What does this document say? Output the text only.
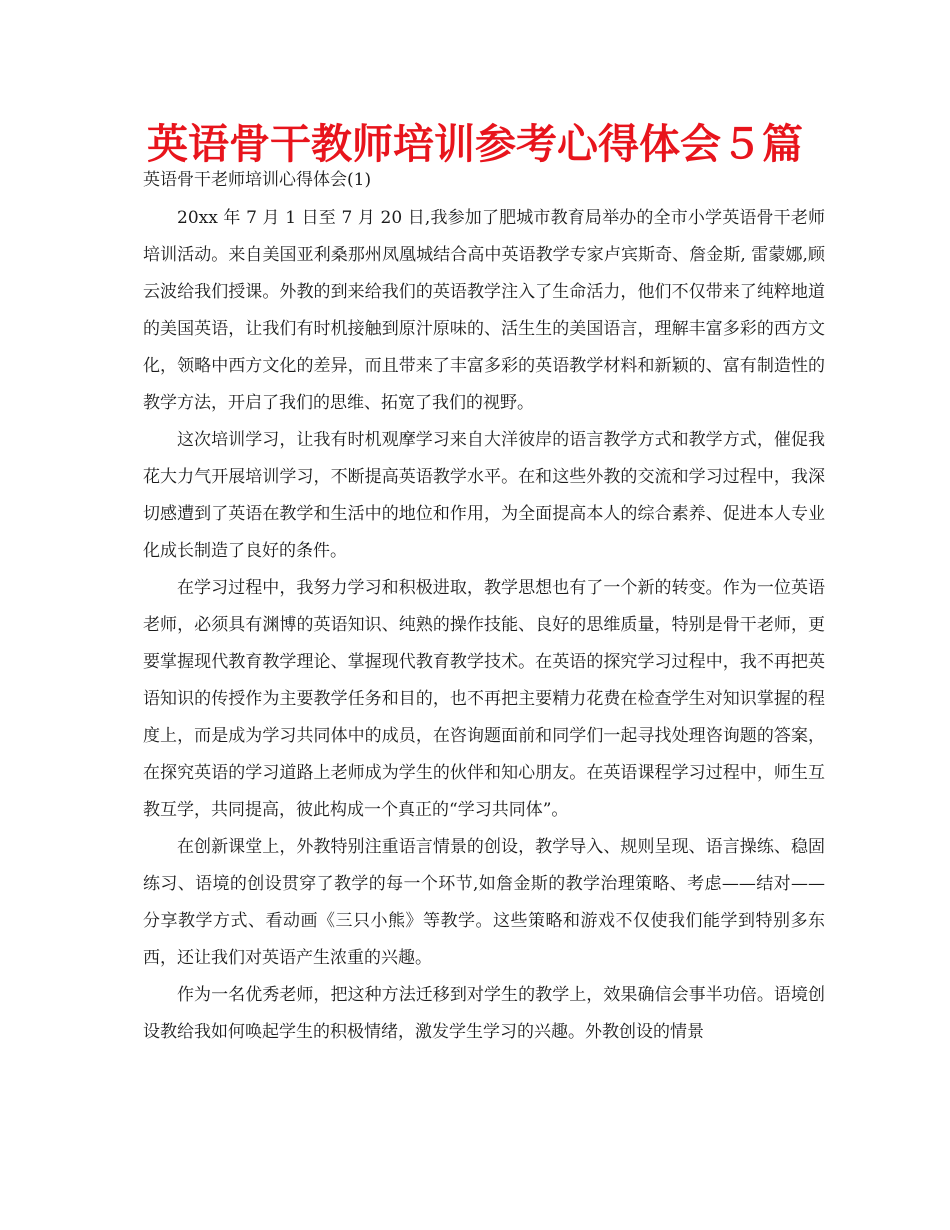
英语骨干教师培训参考心得体会５篇

英语骨干老师培训心得体会(1)

20xx 年 7 月 1 日至 7 月 20 日,我参加了肥城市教育局举办的全市小学英语骨干老师培训活动。来自美国亚利桑那州凤凰城结合高中英语教学专家卢宾斯奇、詹金斯, 雷蒙娜,顾云波给我们授课。外教的到来给我们的英语教学注入了生命活力，他们不仅带来了纯粹地道的美国英语，让我们有时机接触到原汁原味的、活生生的美国语言，理解丰富多彩的西方文化，领略中西方文化的差异，而且带来了丰富多彩的英语教学材料和新颖的、富有制造性的教学方法，开启了我们的思维、拓宽了我们的视野。

这次培训学习，让我有时机观摩学习来自大洋彼岸的语言教学方式和教学方式，催促我花大力气开展培训学习，不断提高英语教学水平。在和这些外教的交流和学习过程中，我深切感遭到了英语在教学和生活中的地位和作用，为全面提高本人的综合素养、促进本人专业化成长制造了良好的条件。

在学习过程中，我努力学习和积极进取，教学思想也有了一个新的转变。作为一位英语老师，必须具有渊博的英语知识、纯熟的操作技能、良好的思维质量，特别是骨干老师，更要掌握现代教育教学理论、掌握现代教育教学技术。在英语的探究学习过程中，我不再把英语知识的传授作为主要教学任务和目的，也不再把主要精力花费在检查学生对知识掌握的程度上，而是成为学习共同体中的成员，在咨询题面前和同学们一起寻找处理咨询题的答案，在探究英语的学习道路上老师成为学生的伙伴和知心朋友。在英语课程学习过程中，师生互教互学，共同提高，彼此构成一个真正的“学习共同体”。

在创新课堂上，外教特别注重语言情景的创设，教学导入、规则呈现、语言操练、稳固练习、语境的创设贯穿了教学的每一个环节,如詹金斯的教学治理策略、考虑——结对——分享教学方式、看动画《三只小熊》等教学。这些策略和游戏不仅使我们能学到特别多东西，还让我们对英语产生浓重的兴趣。

作为一名优秀老师，把这种方法迁移到对学生的教学上，效果确信会事半功倍。语境创设教给我如何唤起学生的积极情绪，激发学生学习的兴趣。外教创设的情景
